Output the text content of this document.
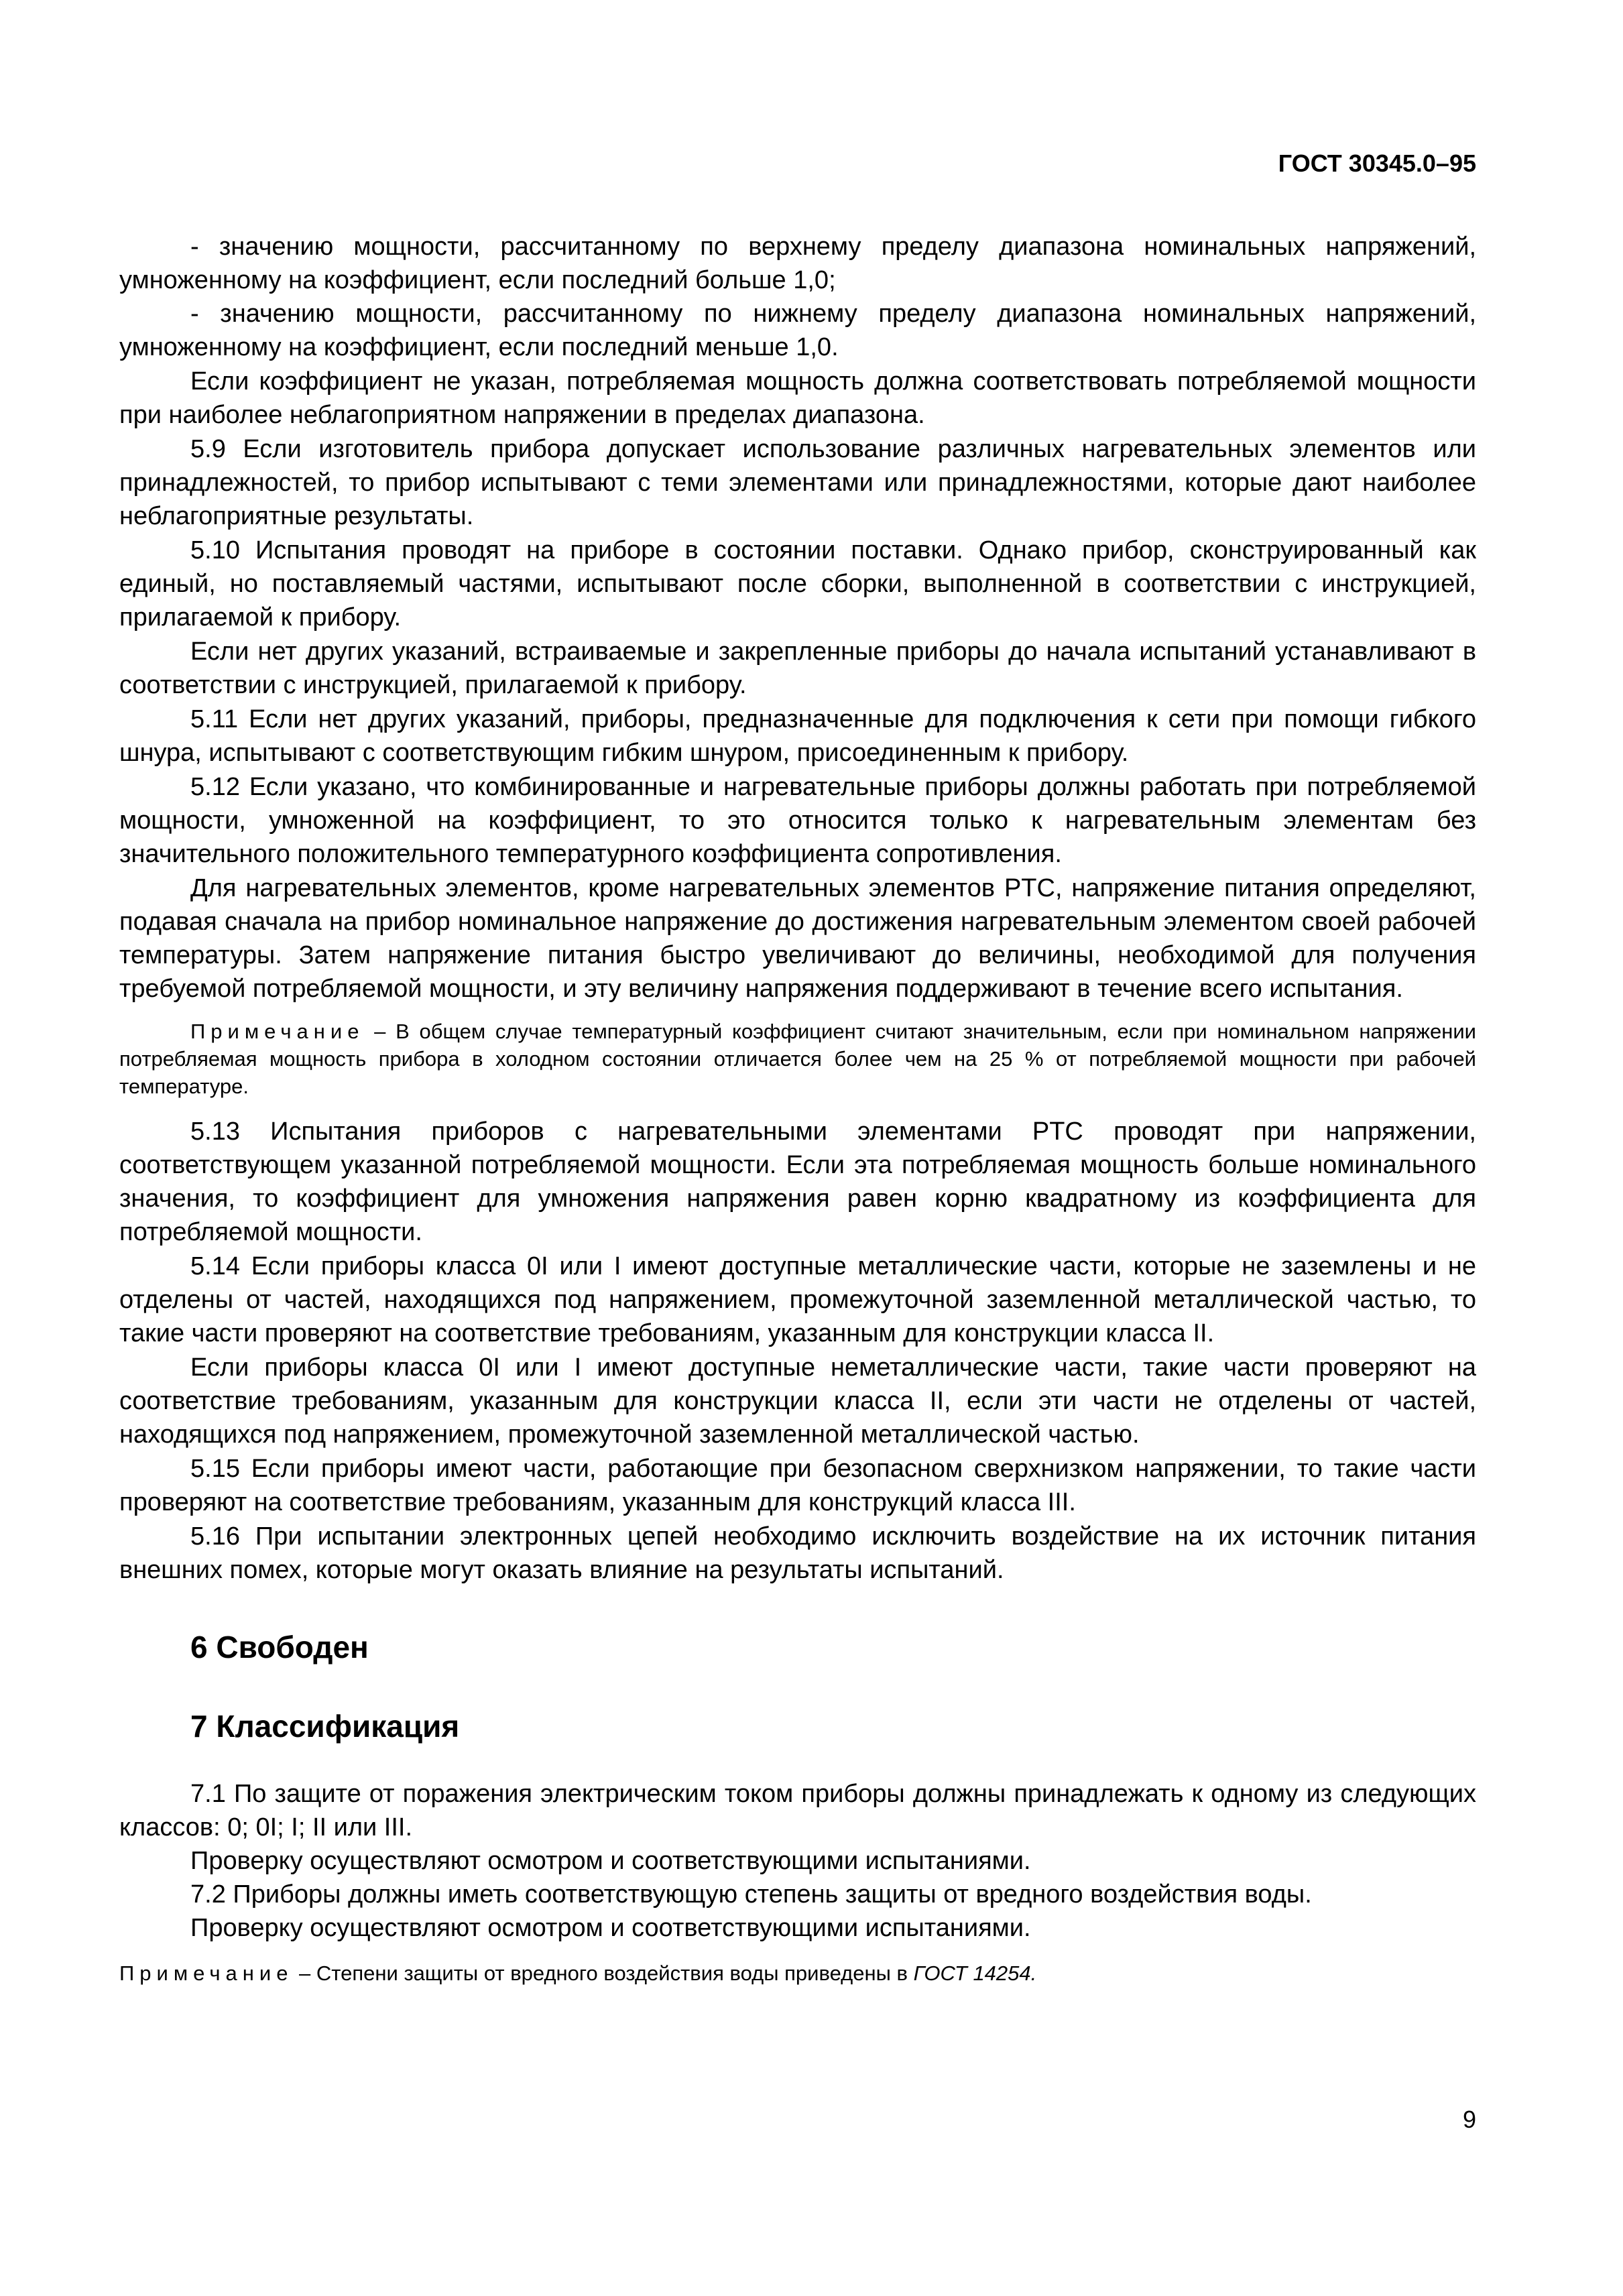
ГОСТ 30345.0–95

- значению мощности, рассчитанному по верхнему пределу диапазона номинальных напряжений, умноженному на коэффициент, если последний больше 1,0;

- значению мощности, рассчитанному по нижнему пределу диапазона номинальных напряжений, умноженному на коэффициент, если последний меньше 1,0.

Если коэффициент не указан, потребляемая мощность должна соответствовать потребляемой мощности при наиболее неблагоприятном напряжении в пределах диапазона.

5.9 Если изготовитель прибора допускает использование различных нагревательных элементов или принадлежностей, то прибор испытывают с теми элементами или принадлежностями, которые дают наиболее неблагоприятные результаты.

5.10 Испытания проводят на приборе в состоянии поставки. Однако прибор, сконструированный как единый, но поставляемый частями, испытывают после сборки, выполненной в соответствии с инструкцией, прилагаемой к прибору.

Если нет других указаний, встраиваемые и закрепленные приборы до начала испытаний устанавливают в соответствии с инструкцией, прилагаемой к прибору.

5.11 Если нет других указаний, приборы, предназначенные для подключения к сети при помощи гибкого шнура, испытывают с соответствующим гибким шнуром, присоединенным к прибору.

5.12 Если указано, что комбинированные и нагревательные приборы должны работать при потребляемой мощности, умноженной на коэффициент, то это относится только к нагревательным элементам без значительного положительного температурного коэффициента сопротивления.

Для нагревательных элементов, кроме нагревательных элементов PTC, напряжение питания определяют, подавая сначала на прибор номинальное напряжение до достижения нагревательным элементом своей рабочей температуры. Затем напряжение питания быстро увеличивают до величины, необходимой для получения требуемой потребляемой мощности, и эту величину напряжения поддерживают в течение всего испытания.

Примечание – В общем случае температурный коэффициент считают значительным, если при номинальном напряжении потребляемая мощность прибора в холодном состоянии отличается более чем на 25 % от потребляемой мощности при рабочей температуре.

5.13 Испытания приборов с нагревательными элементами PTC проводят при напряжении, соответствующем указанной потребляемой мощности. Если эта потребляемая мощность больше номинального значения, то коэффициент для умножения напряжения равен корню квадратному из коэффициента для потребляемой мощности.

5.14 Если приборы класса 0I или I имеют доступные металлические части, которые не заземлены и не отделены от частей, находящихся под напряжением, промежуточной заземленной металлической частью, то такие части проверяют на соответствие требованиям, указанным для конструкции класса II.

Если приборы класса 0I или I имеют доступные неметаллические части, такие части проверяют на соответствие требованиям, указанным для конструкции класса II, если эти части не отделены от частей, находящихся под напряжением, промежуточной заземленной металлической частью.

5.15 Если приборы имеют части, работающие при безопасном сверхнизком напряжении, то такие части проверяют на соответствие требованиям, указанным для конструкций класса III.

5.16 При испытании электронных цепей необходимо исключить воздействие на их источник питания внешних помех, которые могут оказать влияние на результаты испытаний.

6 Свободен
7 Классификация

7.1 По защите от поражения электрическим током приборы должны принадлежать к одному из следующих классов: 0; 0I; I; II или III.

Проверку осуществляют осмотром и соответствующими испытаниями.

7.2 Приборы должны иметь соответствующую степень защиты от вредного воздействия воды.

Проверку осуществляют осмотром и соответствующими испытаниями.

Примечание – Степени защиты от вредного воздействия воды приведены в ГОСТ 14254.

9
